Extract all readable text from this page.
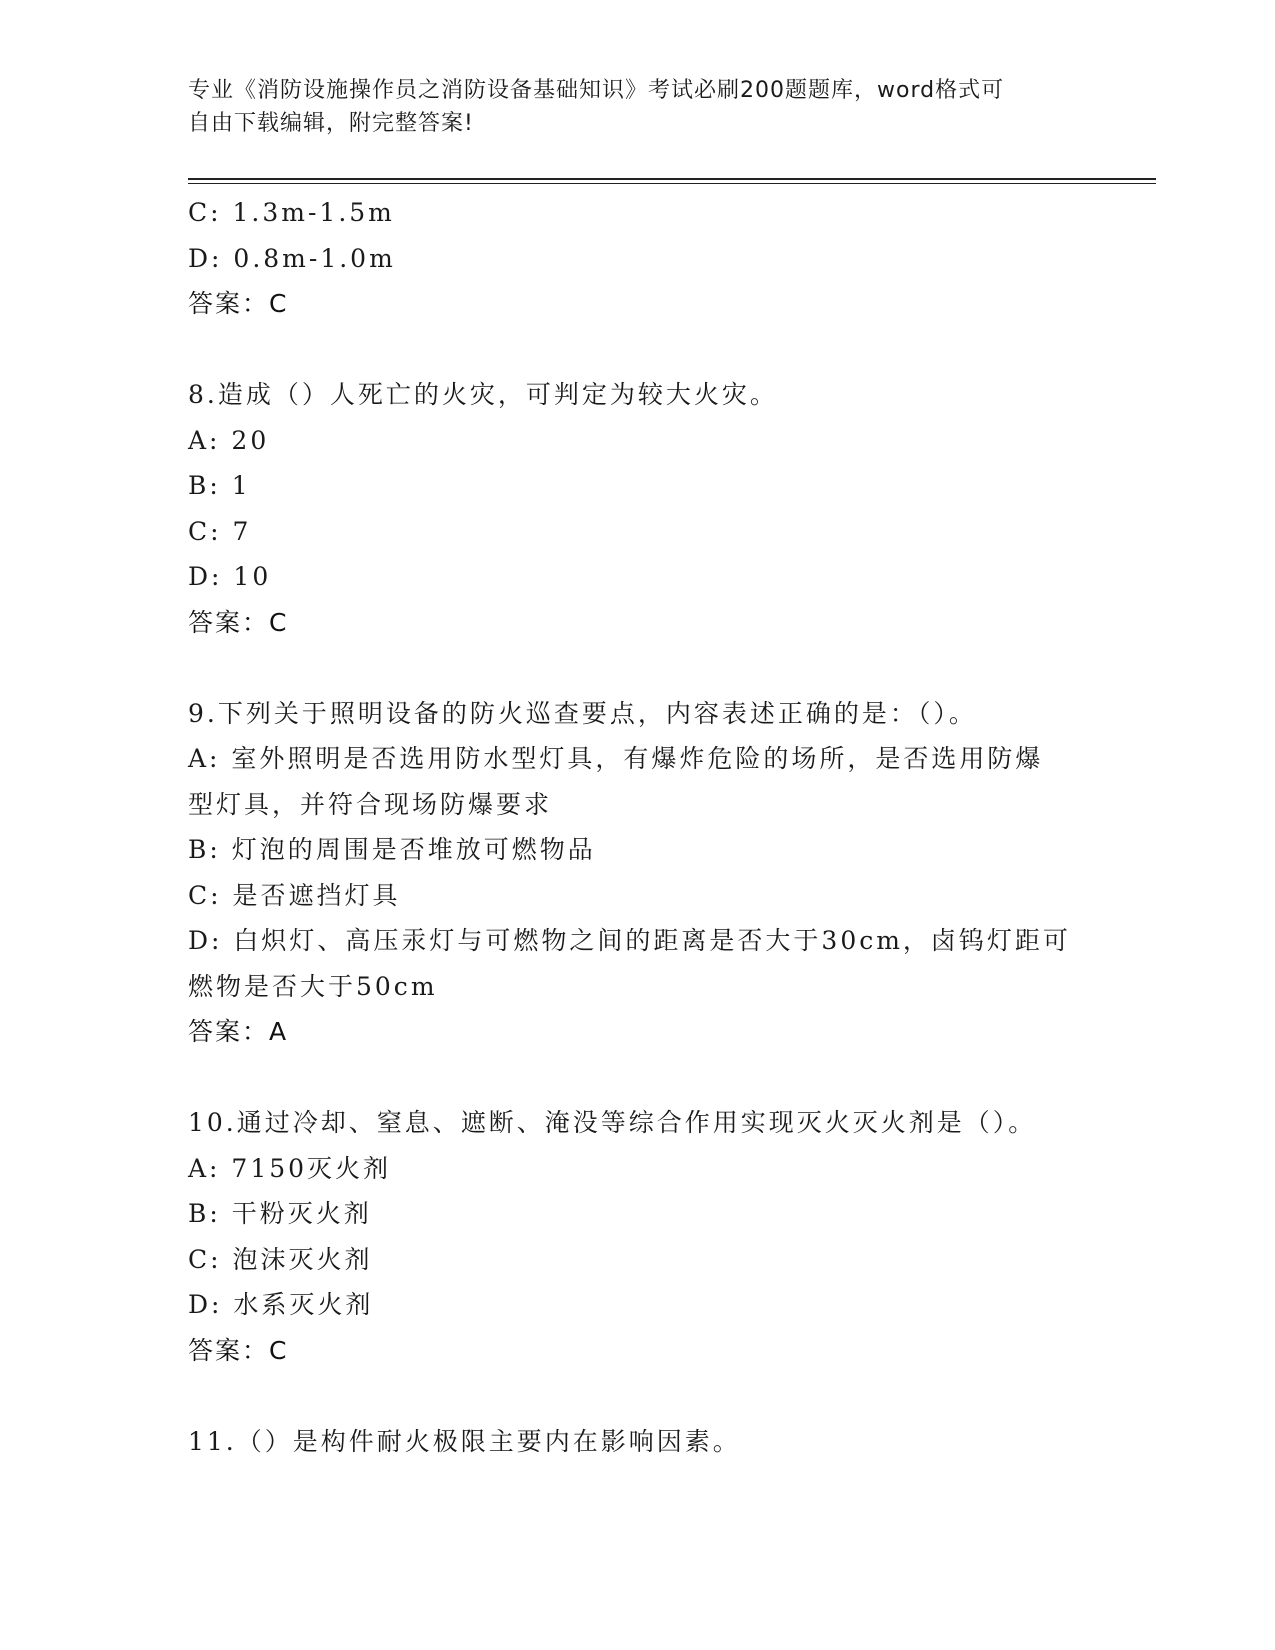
专业《消防设施操作员之消防设备基础知识》考试必刷200题题库，word格式可
自由下载编辑，附完整答案!
C: 1.3m-1.5m
D: 0.8m-1.0m
答案：C
8.造成（）人死亡的火灾，可判定为较大火灾。
A: 20
B: 1
C: 7
D: 10
答案：C
9.下列关于照明设备的防火巡查要点，内容表述正确的是：（）。
A: 室外照明是否选用防水型灯具，有爆炸危险的场所，是否选用防爆
型灯具，并符合现场防爆要求
B: 灯泡的周围是否堆放可燃物品
C: 是否遮挡灯具
D: 白炽灯、高压汞灯与可燃物之间的距离是否大于30cm，卤钨灯距可
燃物是否大于50cm
答案：A
10.通过冷却、窒息、遮断、淹没等综合作用实现灭火灭火剂是（）。
A: 7150灭火剂
B: 干粉灭火剂
C: 泡沫灭火剂
D: 水系灭火剂
答案：C
11.（）是构件耐火极限主要内在影响因素。
